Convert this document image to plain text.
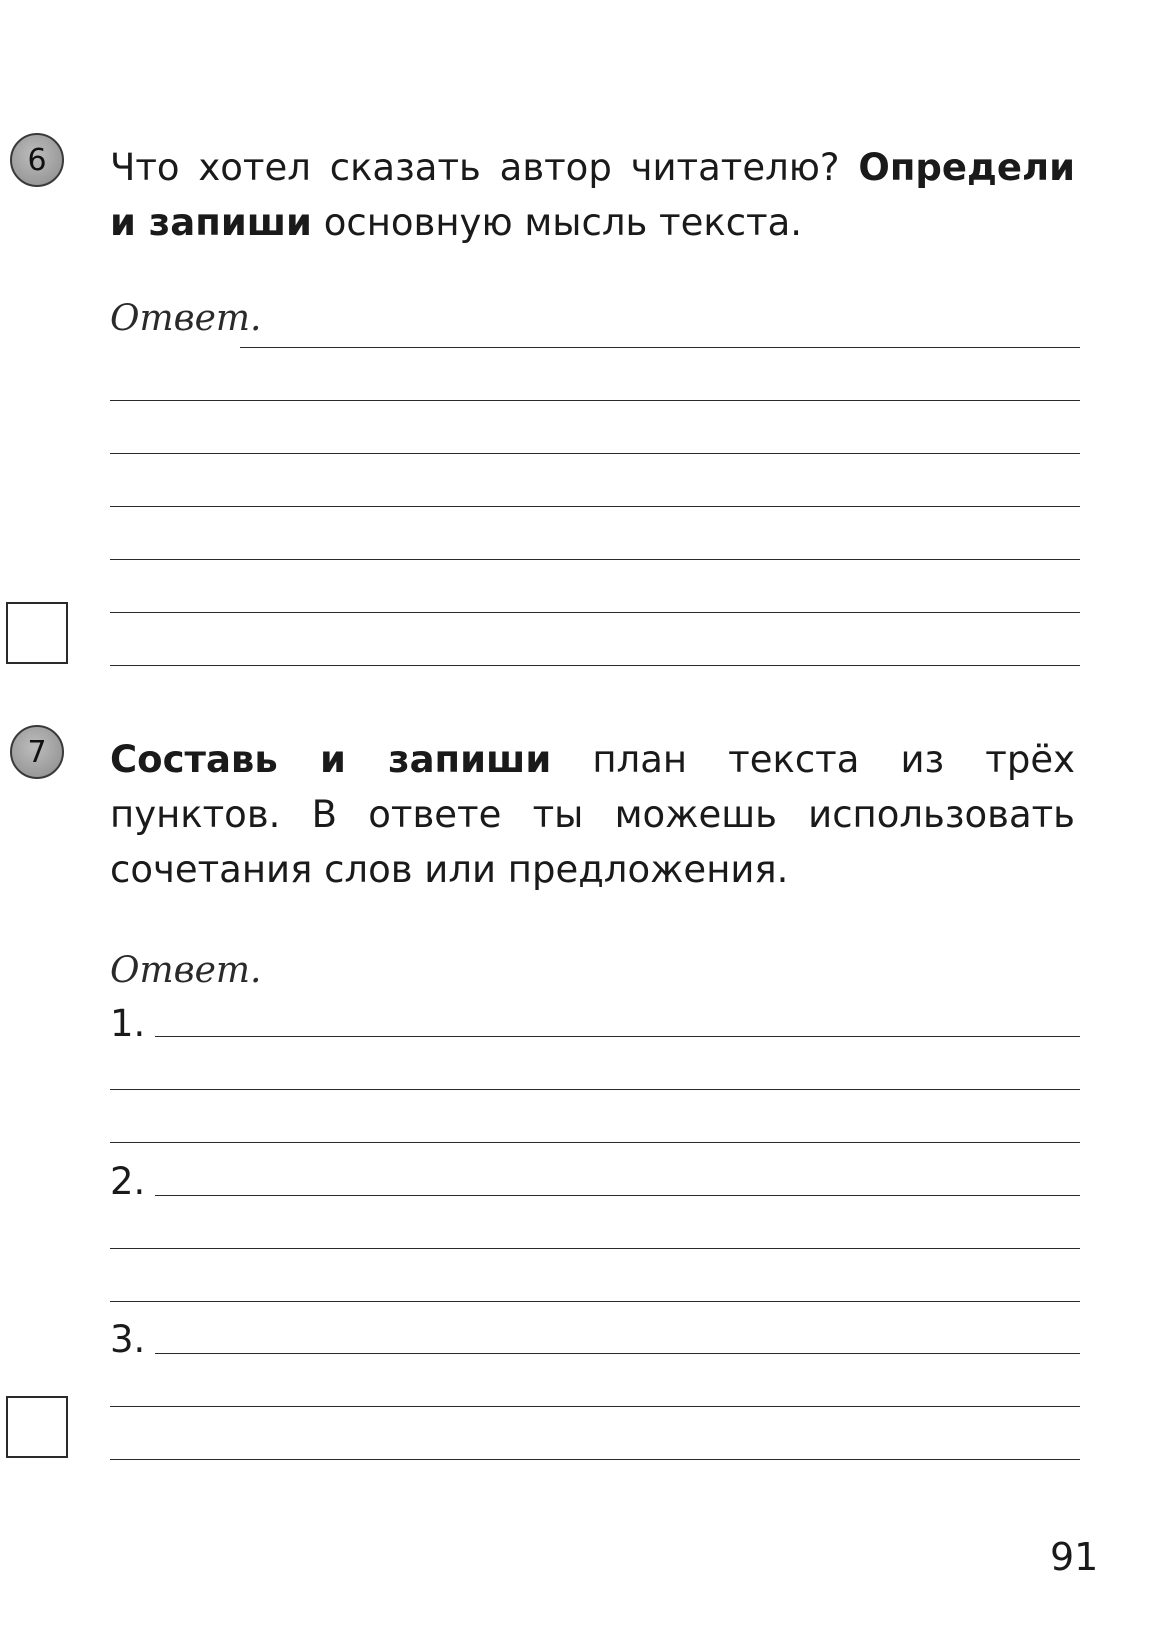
6 Что хотел сказать автор читателю? Определи и запиши основную мысль текста.
Ответ.
7 Составь и запиши план текста из трёх пунктов. В ответе ты можешь использовать сочетания слов или предложения.
Ответ.
1.
2.
3.
91
